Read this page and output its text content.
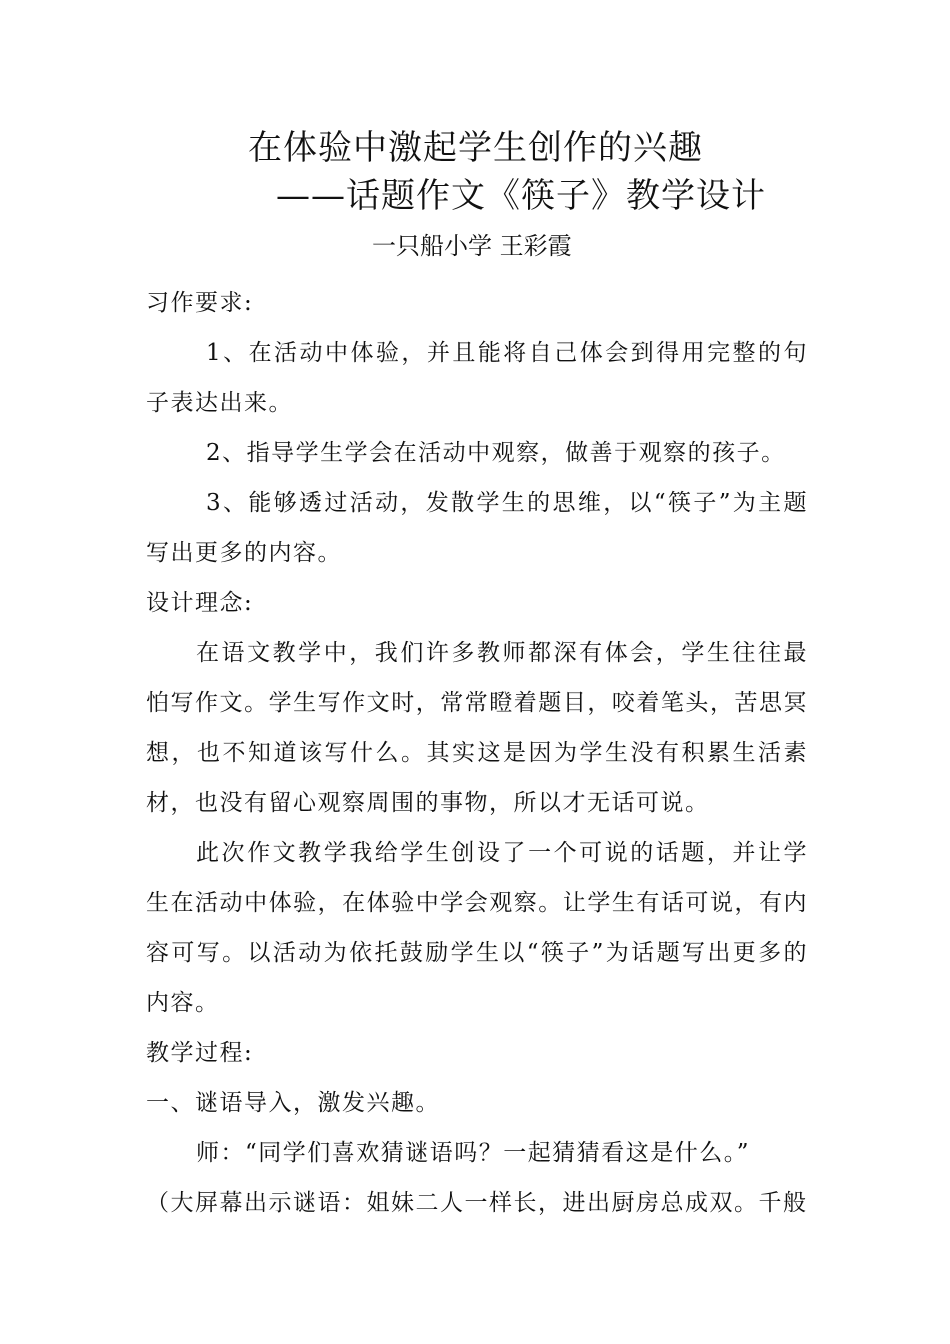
在体验中激起学生创作的兴趣
——话题作文《筷子》教学设计
一只船小学 王彩霞

习作要求:

1、在活动中体验，并且能将自己体会到得用完整的句子表达出来。

2、指导学生学会在活动中观察，做善于观察的孩子。

3、能够透过活动，发散学生的思维，以“筷子”为主题写出更多的内容。

设计理念:

在语文教学中，我们许多教师都深有体会，学生往往最怕写作文。学生写作文时，常常瞪着题目，咬着笔头，苦思冥想，也不知道该写什么。其实这是因为学生没有积累生活素材，也没有留心观察周围的事物，所以才无话可说。

此次作文教学我给学生创设了一个可说的话题，并让学生在活动中体验，在体验中学会观察。让学生有话可说，有内容可写。以活动为依托鼓励学生以“筷子”为话题写出更多的内容。

教学过程:

一、谜语导入，激发兴趣。

师：“同学们喜欢猜谜语吗？一起猜猜看这是什么。”

（大屏幕出示谜语：姐妹二人一样长，进出厨房总成双。千般
